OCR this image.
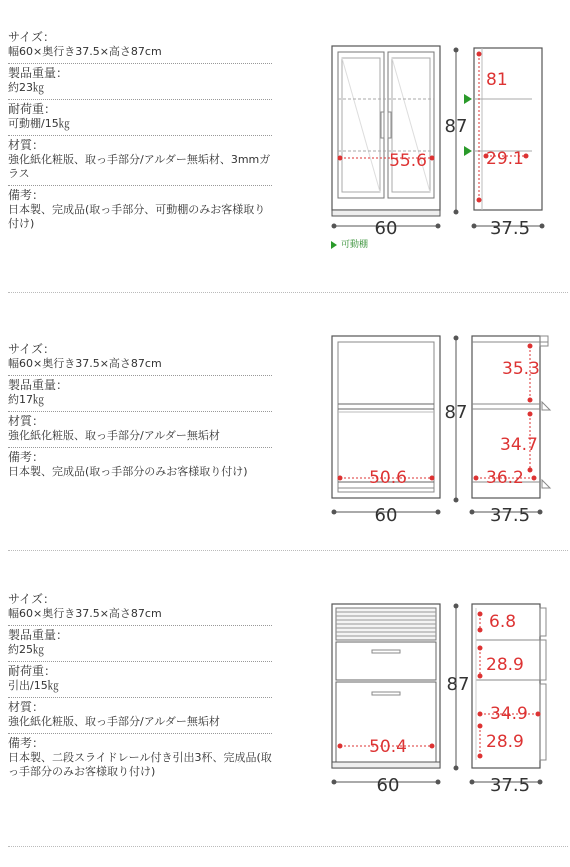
サイズ：
幅60×奥行き37.5×高さ87cm
製品重量：
約23㎏
耐荷重：
可動棚/15㎏
材質：
強化紙化粧版、取っ手部分/アルダー無垢材、3mmガラス
備考：
日本製、完成品(取っ手部分、可動棚のみお客様取り付け)
55.6
87
60
81
29.1
37.5
可動棚
サイズ：
幅60×奥行き37.5×高さ87cm
製品重量：
約17㎏
材質：
強化紙化粧版、取っ手部分/アルダー無垢材
備考：
日本製、完成品(取っ手部分のみお客様取り付け)	50.6
87
60
35.3
34.7
36.2
37.5
サイズ：
幅60×奥行き37.5×高さ87cm
製品重量：
約25㎏
耐荷重：
引出/15㎏
材質：
強化紙化粧版、取っ手部分/アルダー無垢材
備考：
日本製、二段スライドレール付き引出3杯、完成品(取っ手部分のみお客様取り付け)
50.4
87
60
6.8
28.9
34.9
28.9
37.5
